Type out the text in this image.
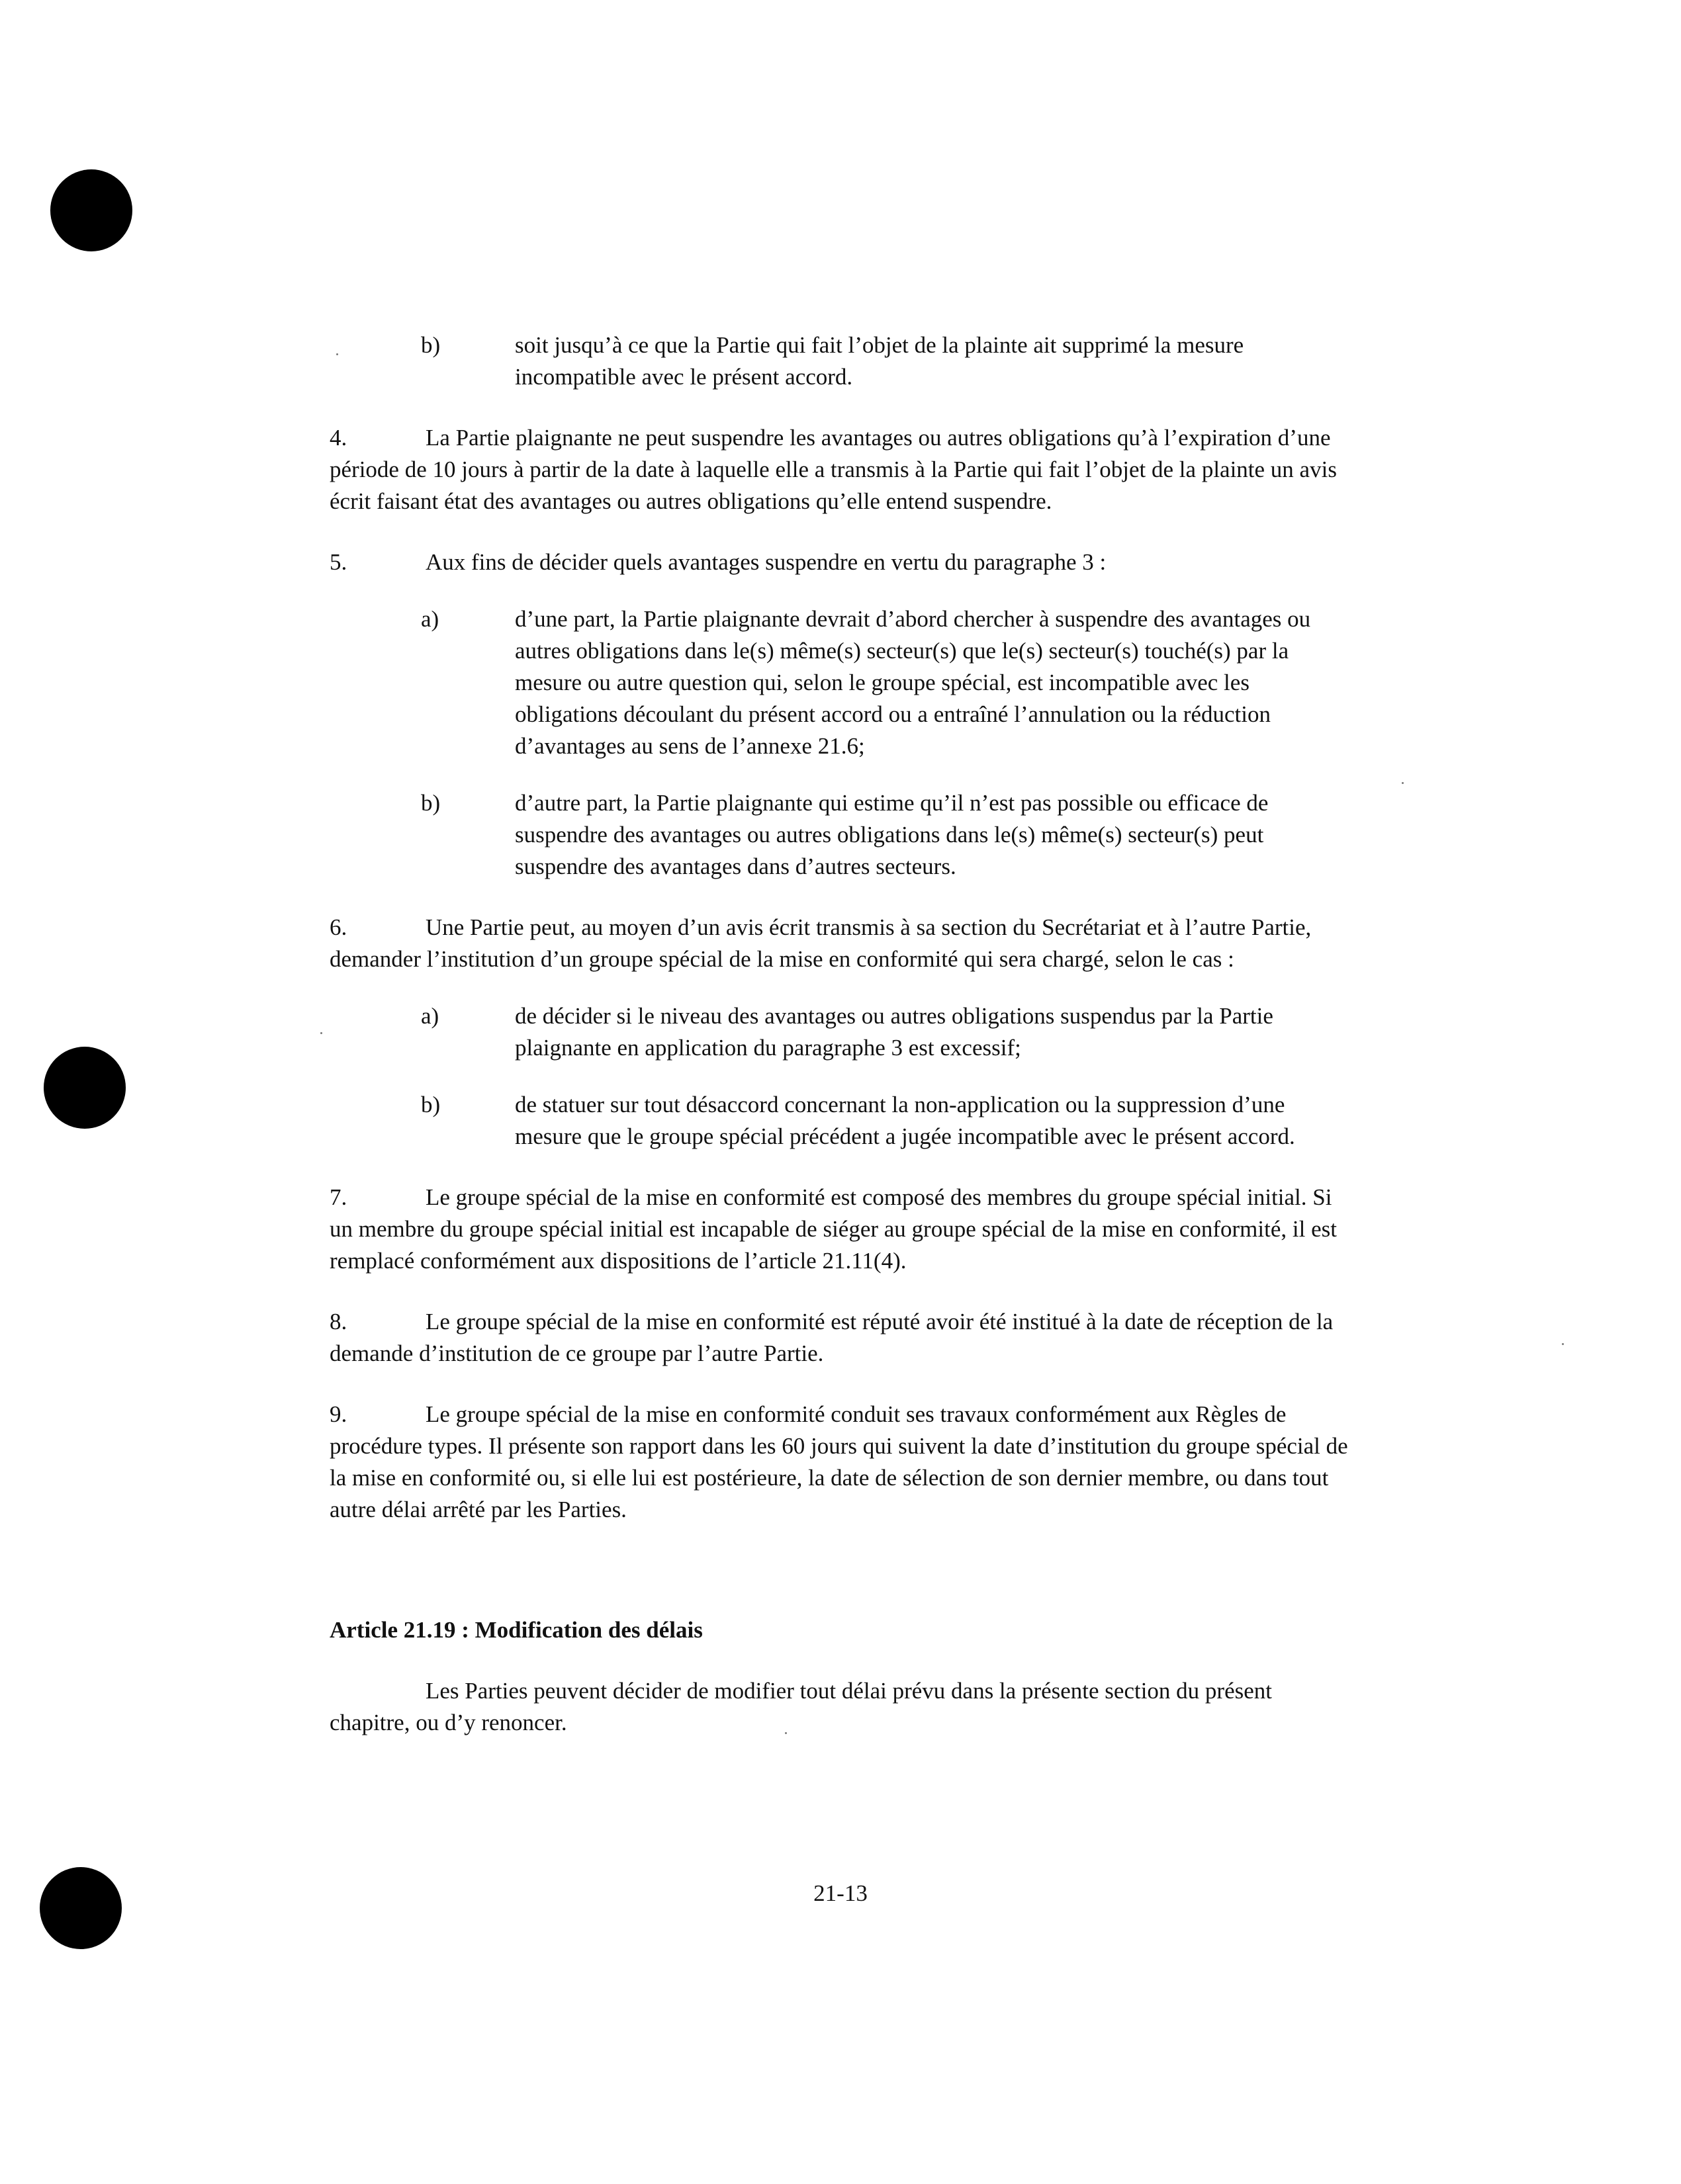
b)	soit jusqu’à ce que la Partie qui fait l’objet de la plainte ait supprimé la mesure incompatible avec le présent accord.

4.	La Partie plaignante ne peut suspendre les avantages ou autres obligations qu’à l’expiration d’une période de 10 jours à partir de la date à laquelle elle a transmis à la Partie qui fait l’objet de la plainte un avis écrit faisant état des avantages ou autres obligations qu’elle entend suspendre.

5.	Aux fins de décider quels avantages suspendre en vertu du paragraphe 3 :

a)	d’une part, la Partie plaignante devrait d’abord chercher à suspendre des avantages ou autres obligations dans le(s) même(s) secteur(s) que le(s) secteur(s) touché(s) par la mesure ou autre question qui, selon le groupe spécial, est incompatible avec les obligations découlant du présent accord ou a entraîné l’annulation ou la réduction d’avantages au sens de l’annexe 21.6;

b)	d’autre part, la Partie plaignante qui estime qu’il n’est pas possible ou efficace de suspendre des avantages ou autres obligations dans le(s) même(s) secteur(s) peut suspendre des avantages dans d’autres secteurs.

6.	Une Partie peut, au moyen d’un avis écrit transmis à sa section du Secrétariat et à l’autre Partie, demander l’institution d’un groupe spécial de la mise en conformité qui sera chargé, selon le cas :

a)	de décider si le niveau des avantages ou autres obligations suspendus par la Partie plaignante en application du paragraphe 3 est excessif;

b)	de statuer sur tout désaccord concernant la non-application ou la suppression d’une mesure que le groupe spécial précédent a jugée incompatible avec le présent accord.

7.	Le groupe spécial de la mise en conformité est composé des membres du groupe spécial initial. Si un membre du groupe spécial initial est incapable de siéger au groupe spécial de la mise en conformité, il est remplacé conformément aux dispositions de l’article 21.11(4).

8.	Le groupe spécial de la mise en conformité est réputé avoir été institué à la date de réception de la demande d’institution de ce groupe par l’autre Partie.

9.	Le groupe spécial de la mise en conformité conduit ses travaux conformément aux Règles de procédure types. Il présente son rapport dans les 60 jours qui suivent la date d’institution du groupe spécial de la mise en conformité ou, si elle lui est postérieure, la date de sélection de son dernier membre, ou dans tout autre délai arrêté par les Parties.

Article 21.19 : Modification des délais

Les Parties peuvent décider de modifier tout délai prévu dans la présente section du présent chapitre, ou d’y renoncer.

21-13
